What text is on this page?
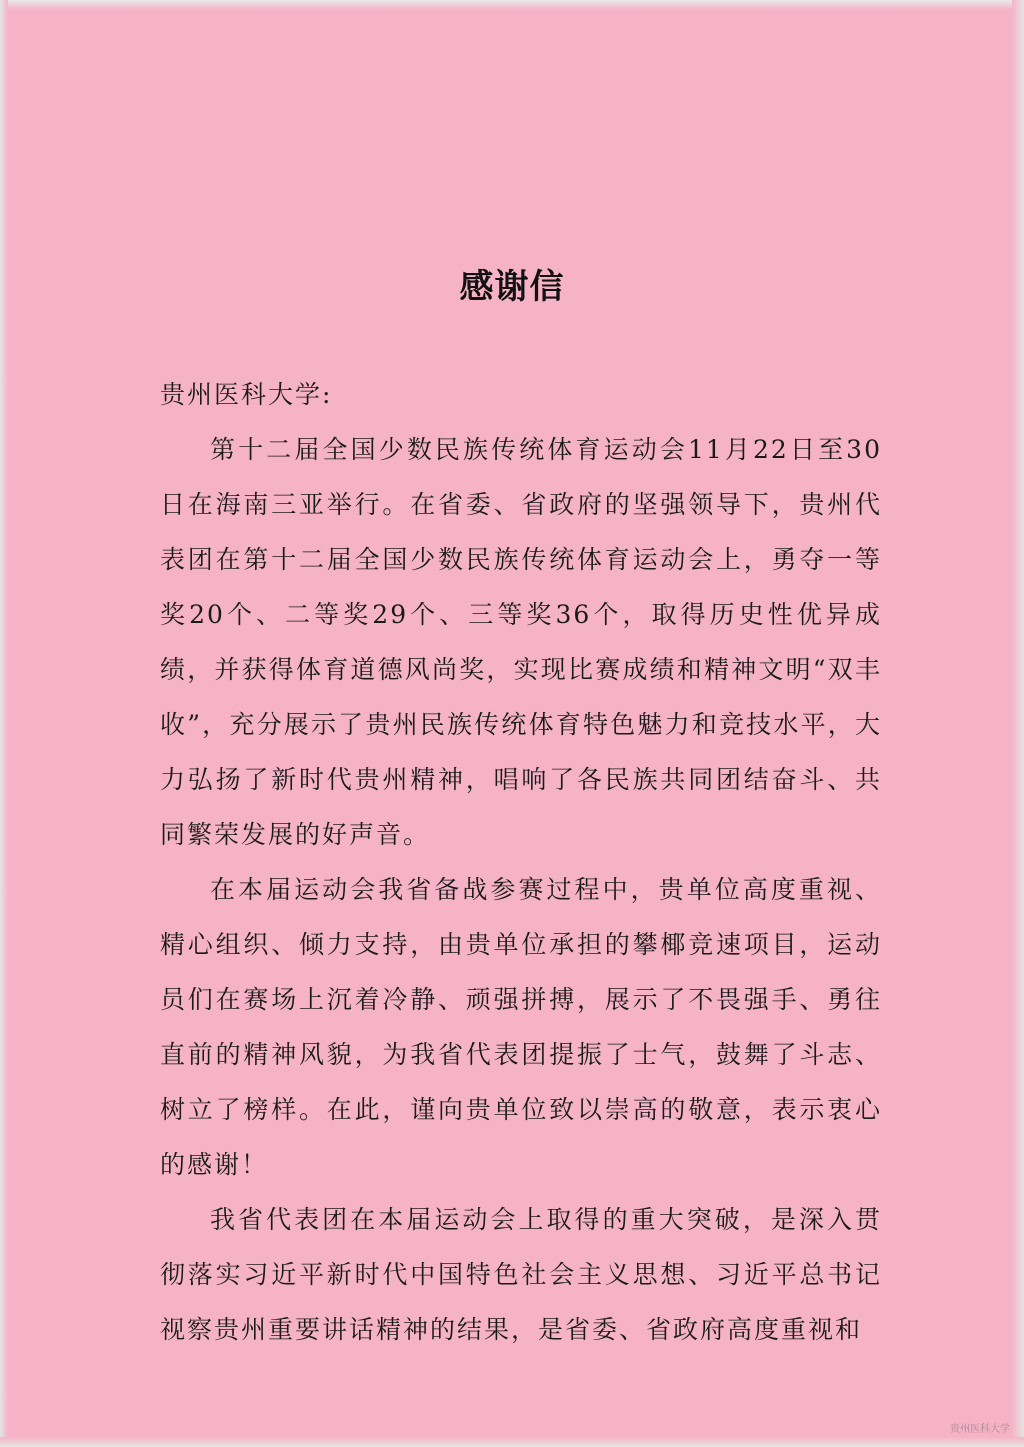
感谢信

贵州医科大学:

第十二届全国少数民族传统体育运动会11月22日至30日在海南三亚举行。在省委、省政府的坚强领导下，贵州代表团在第十二届全国少数民族传统体育运动会上，勇夺一等奖20个、二等奖29个、三等奖36个，取得历史性优异成绩，并获得体育道德风尚奖，实现比赛成绩和精神文明“双丰收”，充分展示了贵州民族传统体育特色魅力和竞技水平，大力弘扬了新时代贵州精神，唱响了各民族共同团结奋斗、共同繁荣发展的好声音。

在本届运动会我省备战参赛过程中，贵单位高度重视、精心组织、倾力支持，由贵单位承担的攀椰竞速项目，运动员们在赛场上沉着冷静、顽强拼搏，展示了不畏强手、勇往直前的精神风貌，为我省代表团提振了士气，鼓舞了斗志、树立了榜样。在此，谨向贵单位致以崇高的敬意，表示衷心的感谢！

我省代表团在本届运动会上取得的重大突破，是深入贯彻落实习近平新时代中国特色社会主义思想、习近平总书记视察贵州重要讲话精神的结果，是省委、省政府高度重视和

贵州医科大学
